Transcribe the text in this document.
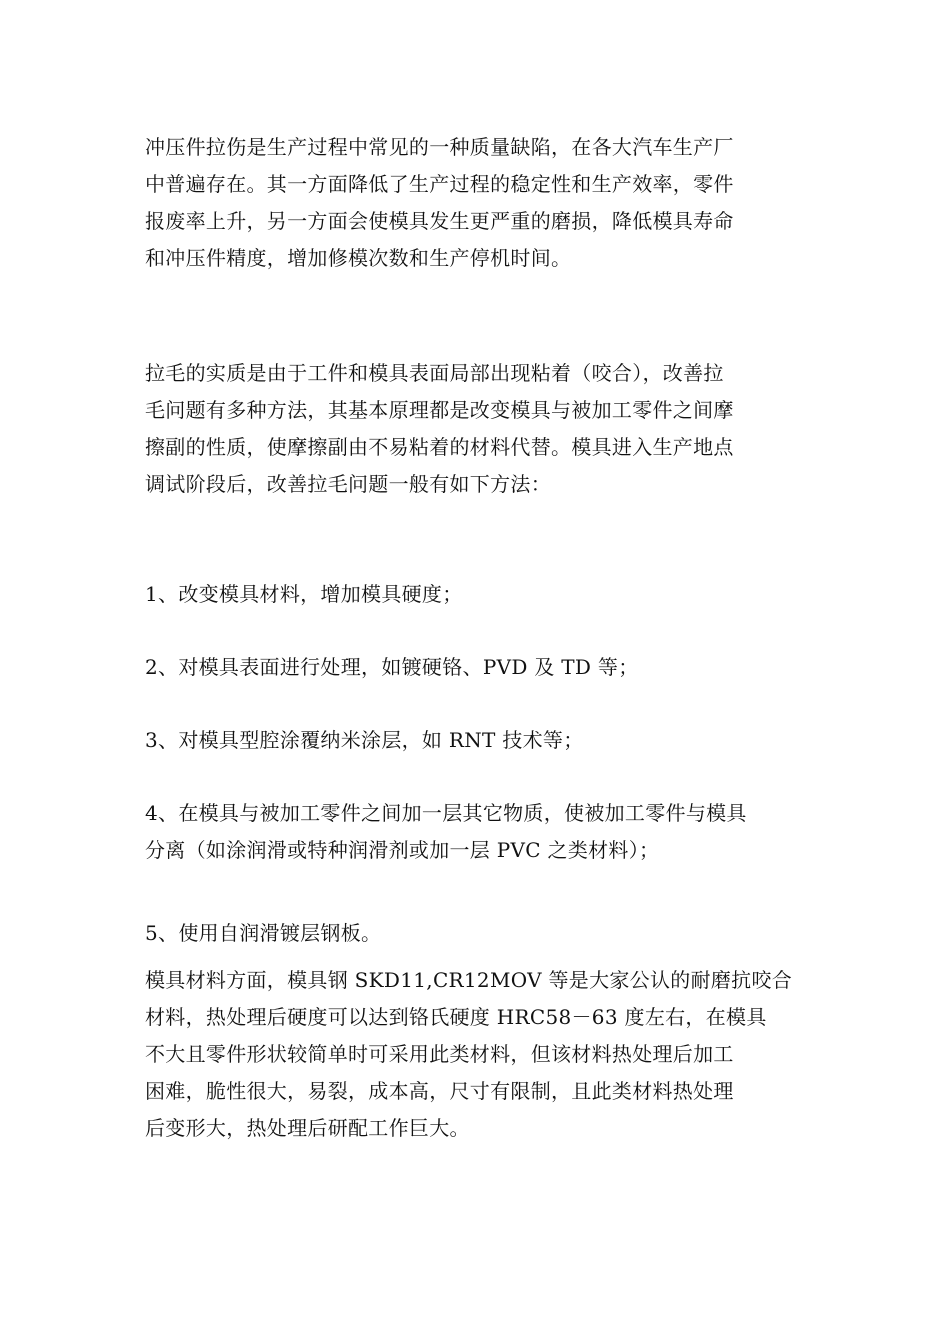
冲压件拉伤是生产过程中常见的一种质量缺陷，在各大汽车生产厂
中普遍存在。其一方面降低了生产过程的稳定性和生产效率，零件
报废率上升，另一方面会使模具发生更严重的磨损，降低模具寿命
和冲压件精度，增加修模次数和生产停机时间。

拉毛的实质是由于工件和模具表面局部出现粘着（咬合），改善拉
毛问题有多种方法，其基本原理都是改变模具与被加工零件之间摩
擦副的性质，使摩擦副由不易粘着的材料代替。模具进入生产地点
调试阶段后，改善拉毛问题一般有如下方法：

1、改变模具材料，增加模具硬度；

2、对模具表面进行处理，如镀硬铬、PVD 及 TD 等；

3、对模具型腔涂覆纳米涂层，如 RNT 技术等；

4、在模具与被加工零件之间加一层其它物质，使被加工零件与模具
分离（如涂润滑或特种润滑剂或加一层 PVC 之类材料）；

5、使用自润滑镀层钢板。

模具材料方面，模具钢 SKD11,CR12MOV 等是大家公认的耐磨抗咬合
材料，热处理后硬度可以达到铬氏硬度 HRC58－63 度左右，在模具
不大且零件形状较简单时可采用此类材料，但该材料热处理后加工
困难，脆性很大，易裂，成本高，尺寸有限制，且此类材料热处理
后变形大，热处理后研配工作巨大。
